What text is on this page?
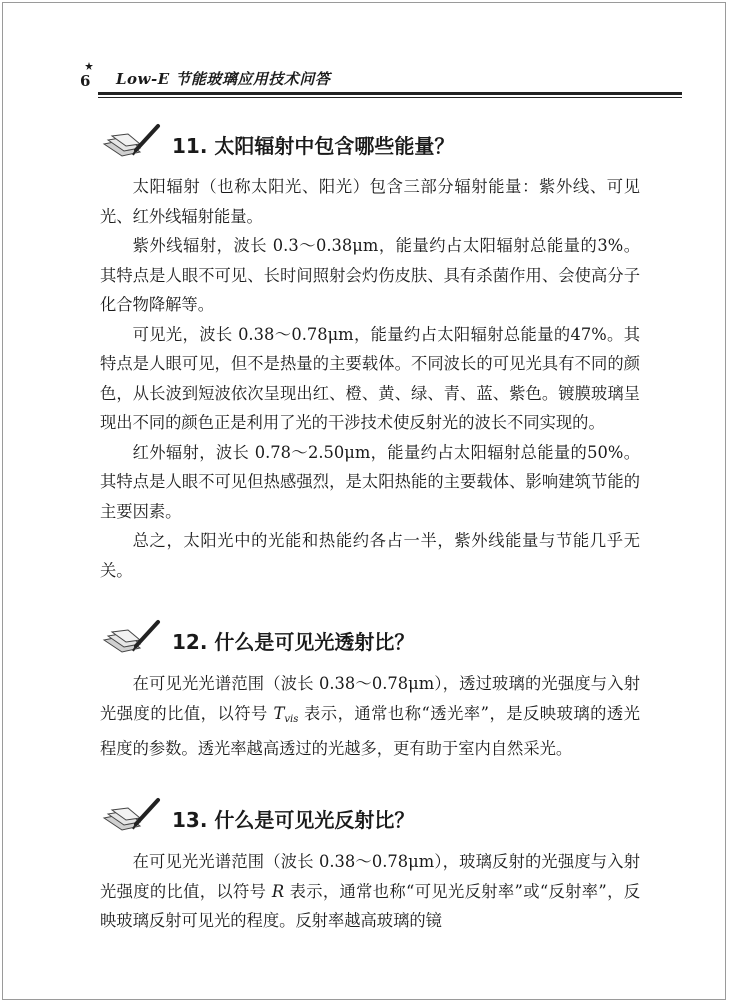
6 Low-E 节能玻璃应用技术问答
11. 太阳辐射中包含哪些能量？

太阳辐射（也称太阳光、阳光）包含三部分辐射能量：紫外线、可见光、红外线辐射能量。

紫外线辐射，波长 0.3～0.38μm，能量约占太阳辐射总能量的3%。其特点是人眼不可见、长时间照射会灼伤皮肤、具有杀菌作用、会使高分子化合物降解等。

可见光，波长 0.38～0.78μm，能量约占太阳辐射总能量的47%。其特点是人眼可见，但不是热量的主要载体。不同波长的可见光具有不同的颜色，从长波到短波依次呈现出红、橙、黄、绿、青、蓝、紫色。镀膜玻璃呈现出不同的颜色正是利用了光的干涉技术使反射光的波长不同实现的。

红外辐射，波长 0.78～2.50μm，能量约占太阳辐射总能量的50%。其特点是人眼不可见但热感强烈，是太阳热能的主要载体、影响建筑节能的主要因素。

总之，太阳光中的光能和热能约各占一半，紫外线能量与节能几乎无关。

12. 什么是可见光透射比？

在可见光光谱范围（波长 0.38～0.78μm），透过玻璃的光强度与入射光强度的比值，以符号 $T_{vis}$ 表示，通常也称“透光率”，是反映玻璃的透光程度的参数。透光率越高透过的光越多，更有助于室内自然采光。

13. 什么是可见光反射比？

在可见光光谱范围（波长 0.38～0.78μm），玻璃反射的光强度与入射光强度的比值，以符号 R 表示，通常也称“可见光反射率”或“反射率”，反映玻璃反射可见光的程度。反射率越高玻璃的镜
